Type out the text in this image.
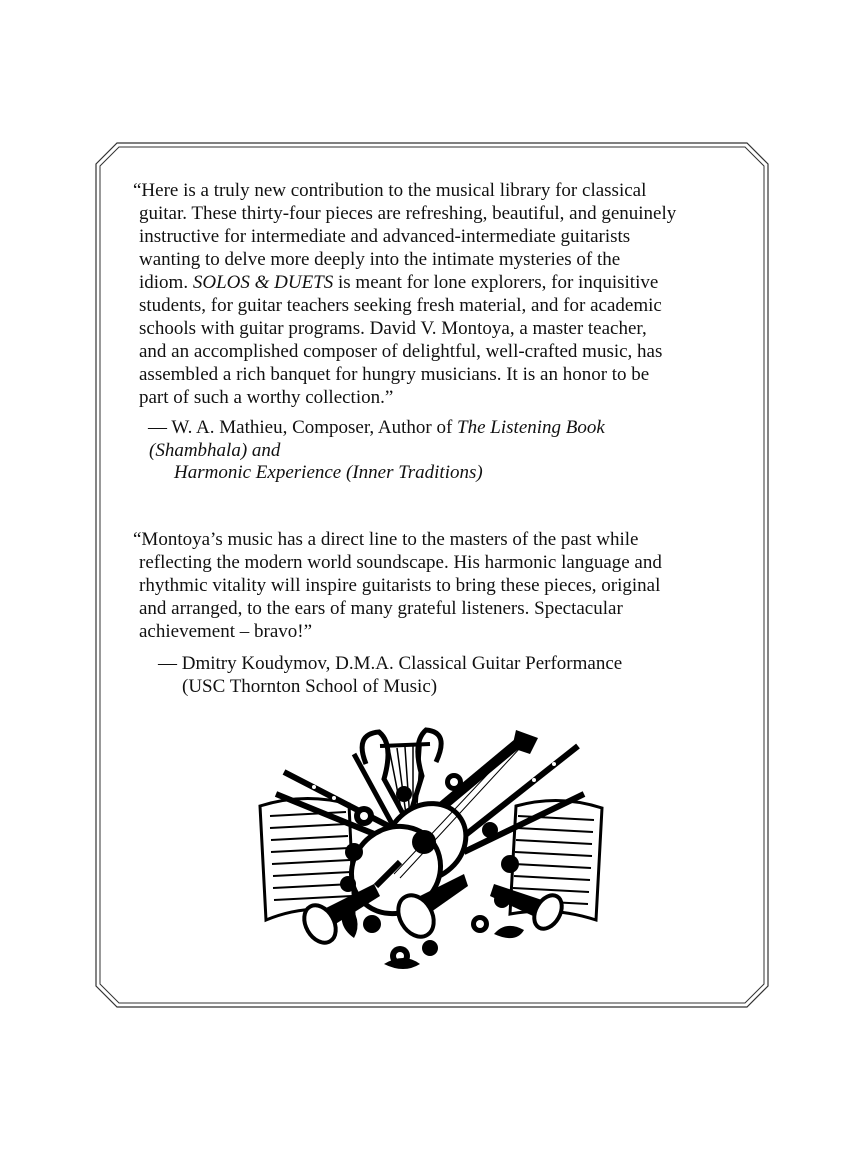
“Here is a truly new contribution to the musical library for classical
guitar. These thirty-four pieces are refreshing, beautiful, and genuinely
instructive for intermediate and advanced-intermediate guitarists
wanting to delve more deeply into the intimate mysteries of the
idiom. SOLOS & DUETS is meant for lone explorers, for inquisitive
students, for guitar teachers seeking fresh material, and for academic
schools with guitar programs. David V. Montoya, a master teacher,
and an accomplished composer of delightful, well-crafted music, has
assembled a rich banquet for hungry musicians. It is an honor to be
part of such a worthy collection.”
— W. A. Mathieu, Composer, Author of The Listening Book
(Shambhala) and
Harmonic Experience (Inner Traditions)
“Montoya’s music has a direct line to the masters of the past while
reflecting the modern world soundscape. His harmonic language and
rhythmic vitality will inspire guitarists to bring these pieces, original
and arranged, to the ears of many grateful listeners. Spectacular
achievement – bravo!”
— Dmitry Koudymov, D.M.A. Classical Guitar Performance
(USC Thornton School of Music)
